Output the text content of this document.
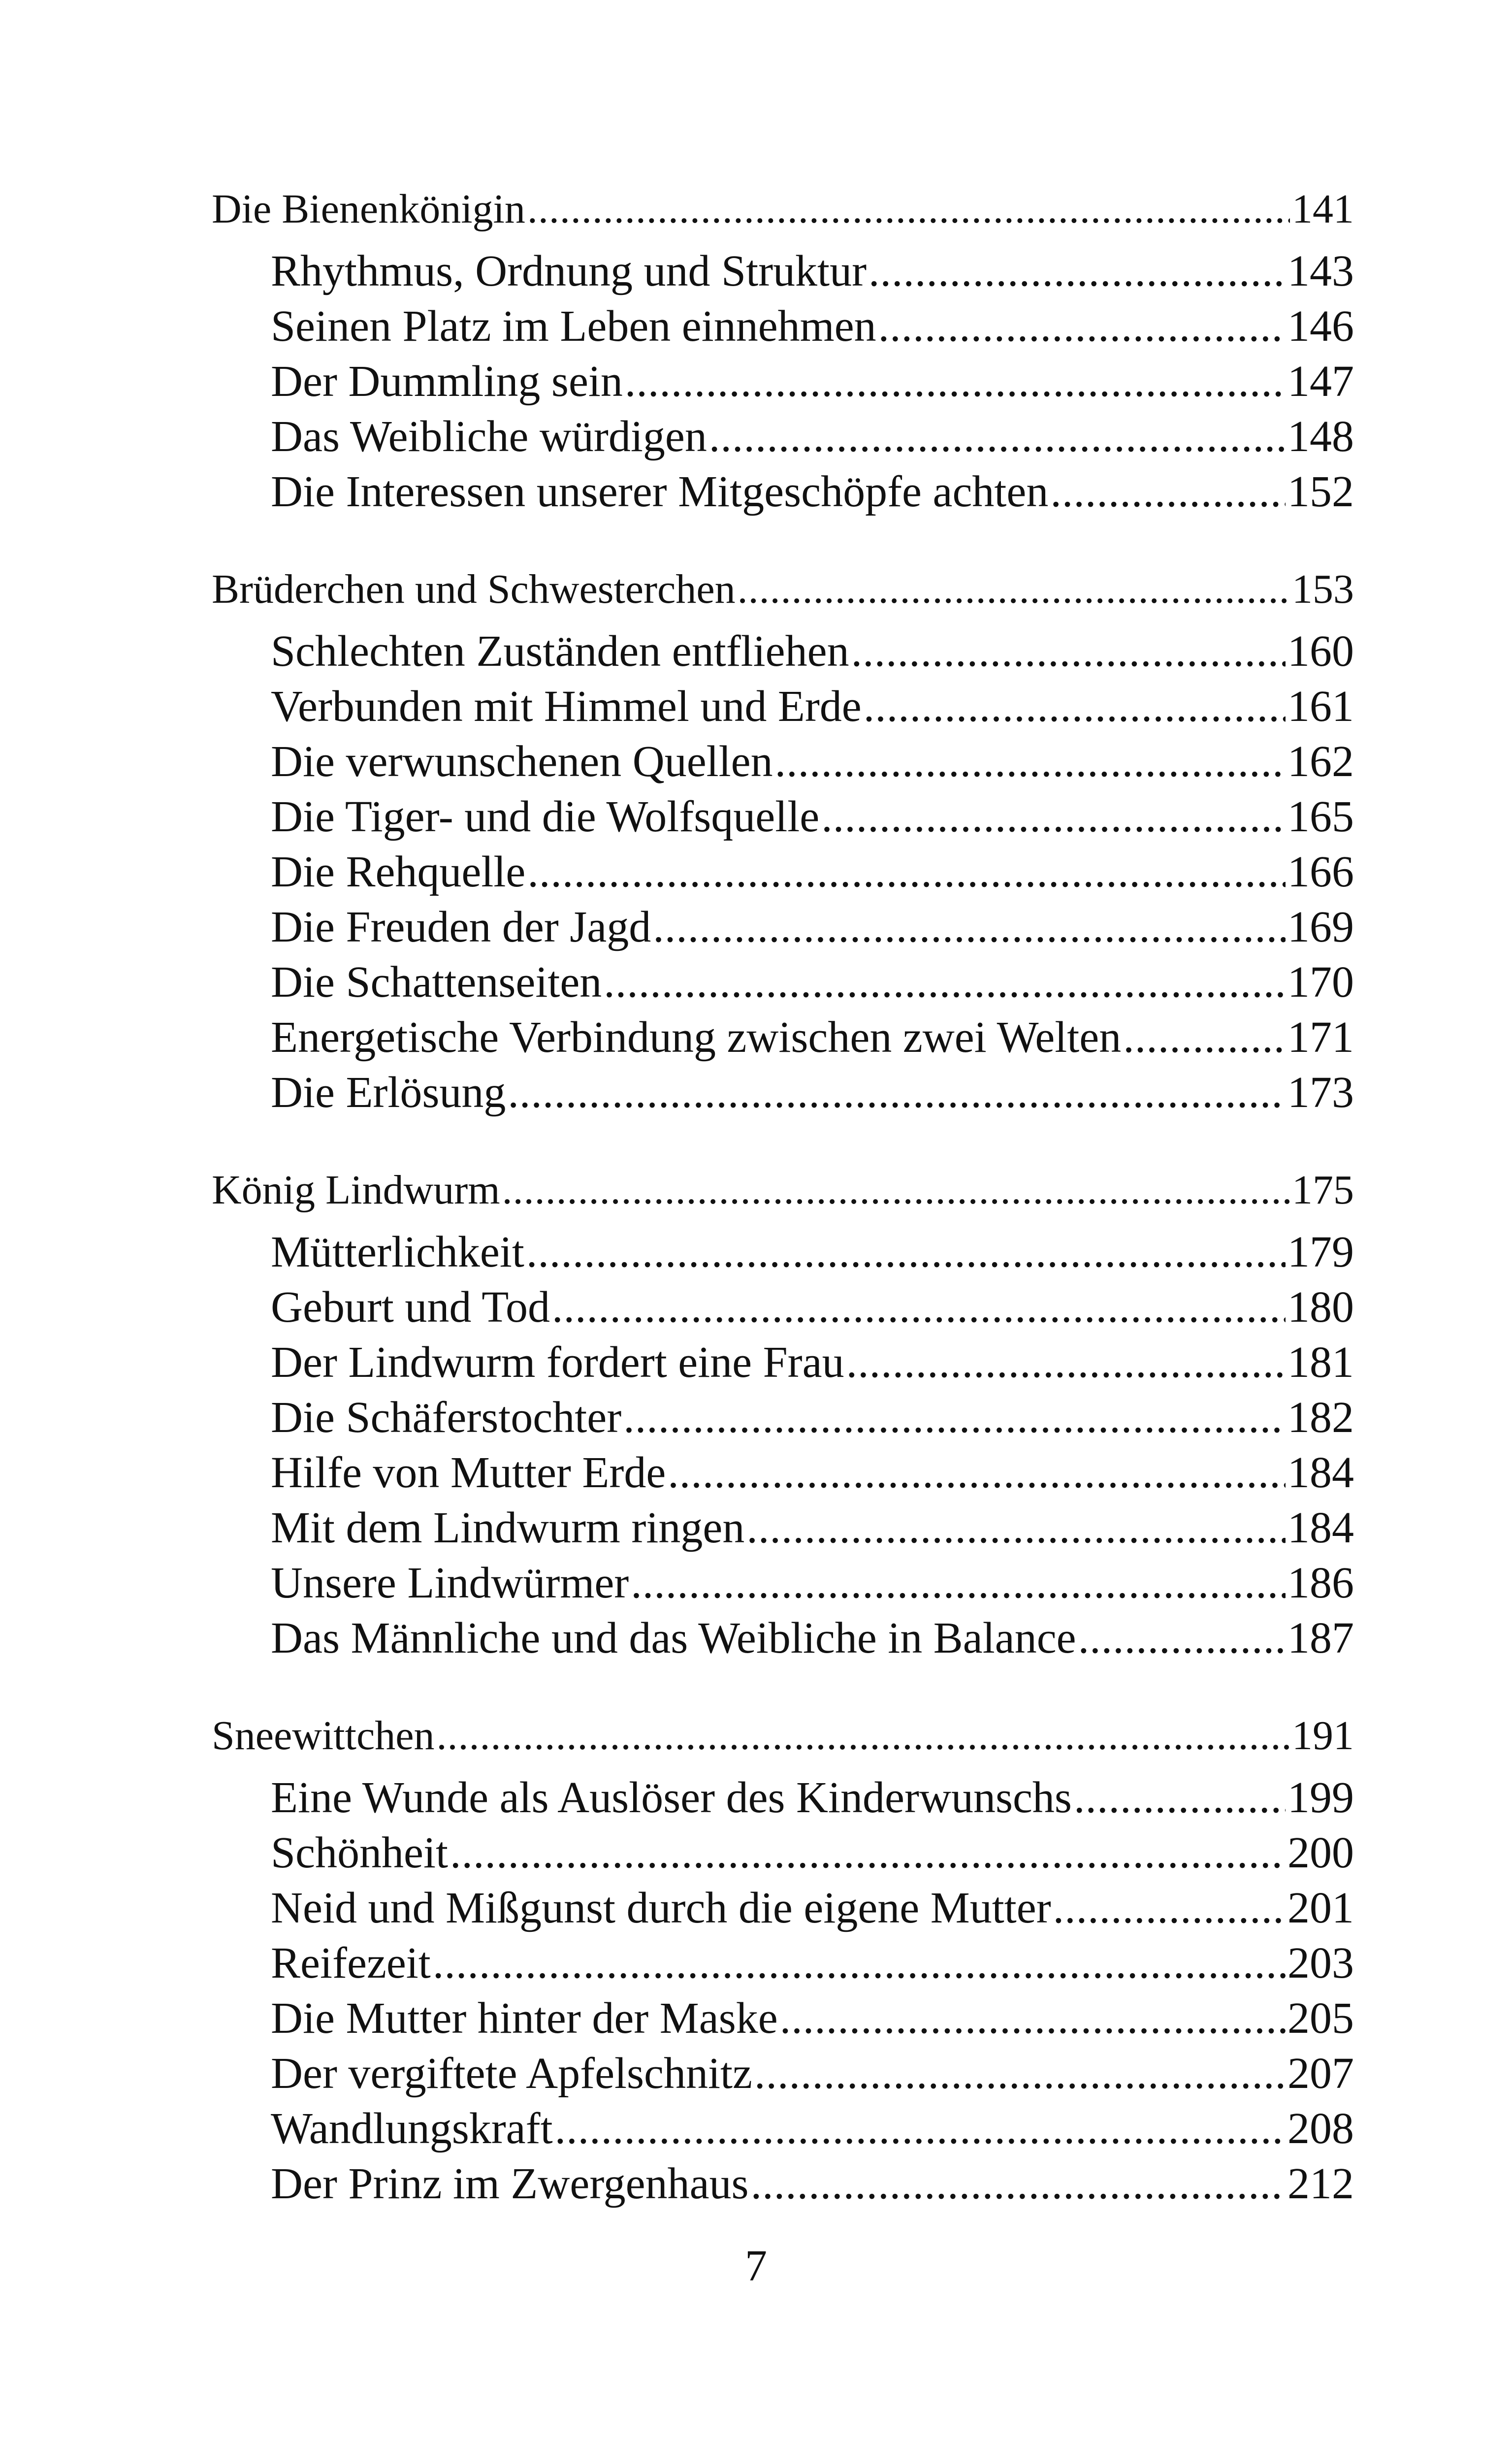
Die Bienenkönigin .....	141
Rhythmus, Ordnung und Struktur .....	143
Seinen Platz im Leben einnehmen .....	146
Der Dummling sein .....	147
Das Weibliche würdigen .....	148
Die Interessen unserer Mitgeschöpfe achten .....	152
Brüderchen und Schwesterchen .....	153
Schlechten Zuständen entfliehen .....	160
Verbunden mit Himmel und Erde .....	161
Die verwunschenen Quellen .....	162
Die Tiger- und die Wolfsquelle .....	165
Die Rehquelle .....	166
Die Freuden der Jagd .....	169
Die Schattenseiten .....	170
Energetische Verbindung zwischen zwei Welten .....	171
Die Erlösung .....	173
König Lindwurm .....	175
Mütterlichkeit .....	179
Geburt und Tod .....	180
Der Lindwurm fordert eine Frau .....	181
Die Schäferstochter .....	182
Hilfe von Mutter Erde .....	184
Mit dem Lindwurm ringen .....	184
Unsere Lindwürmer .....	186
Das Männliche und das Weibliche in Balance .....	187
Sneewittchen .....	191
Eine Wunde als Auslöser des Kinderwunschs .....	199
Schönheit .....	200
Neid und Mißgunst durch die eigene Mutter .....	201
Reifezeit .....	203
Die Mutter hinter der Maske .....	205
Der vergiftete Apfelschnitz .....	207
Wandlungskraft .....	208
Der Prinz im Zwergenhaus .....	212
7
